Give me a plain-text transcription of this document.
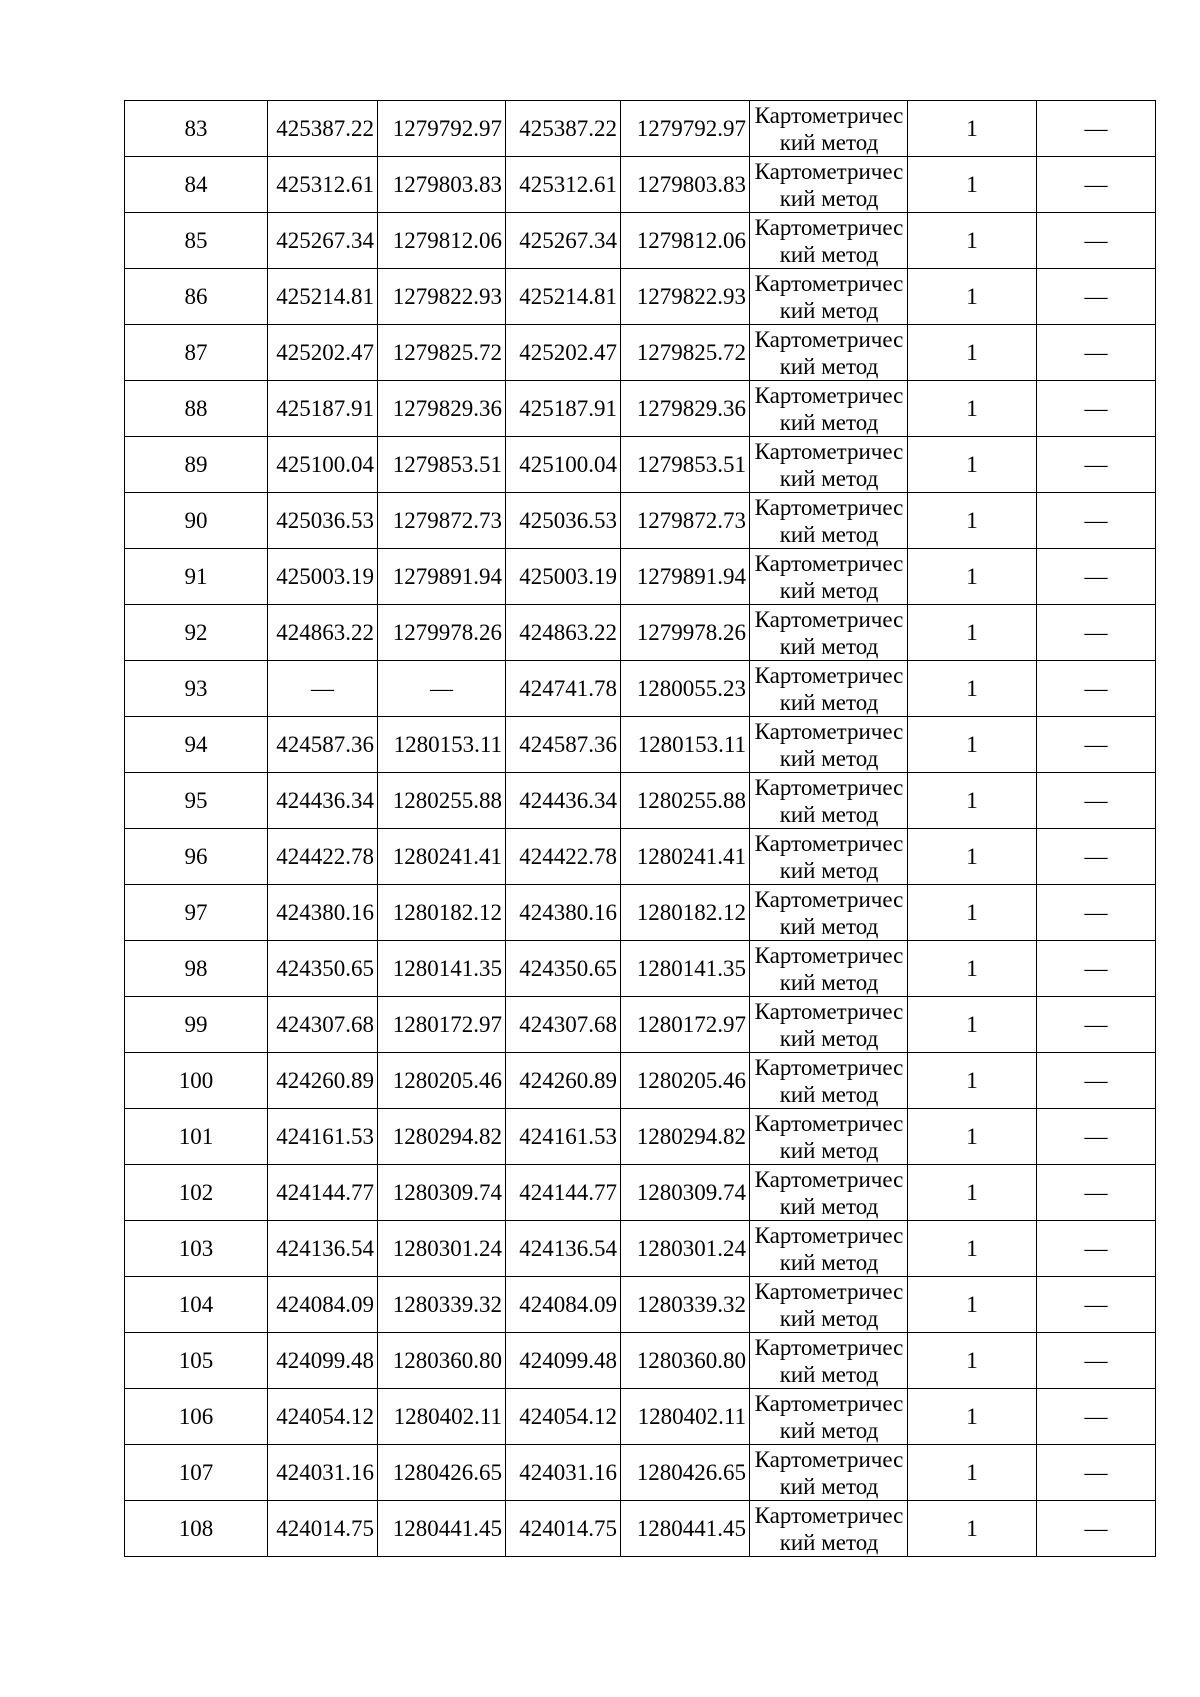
83	425387.22	1279792.97	425387.22	1279792.97	Картометрический метод	1	—
84	425312.61	1279803.83	425312.61	1279803.83	Картометрический метод	1	—
85	425267.34	1279812.06	425267.34	1279812.06	Картометрический метод	1	—
86	425214.81	1279822.93	425214.81	1279822.93	Картометрический метод	1	—
87	425202.47	1279825.72	425202.47	1279825.72	Картометрический метод	1	—
88	425187.91	1279829.36	425187.91	1279829.36	Картометрический метод	1	—
89	425100.04	1279853.51	425100.04	1279853.51	Картометрический метод	1	—
90	425036.53	1279872.73	425036.53	1279872.73	Картометрический метод	1	—
91	425003.19	1279891.94	425003.19	1279891.94	Картометрический метод	1	—
92	424863.22	1279978.26	424863.22	1279978.26	Картометрический метод	1	—
93	—	—	424741.78	1280055.23	Картометрический метод	1	—
94	424587.36	1280153.11	424587.36	1280153.11	Картометрический метод	1	—
95	424436.34	1280255.88	424436.34	1280255.88	Картометрический метод	1	—
96	424422.78	1280241.41	424422.78	1280241.41	Картометрический метод	1	—
97	424380.16	1280182.12	424380.16	1280182.12	Картометрический метод	1	—
98	424350.65	1280141.35	424350.65	1280141.35	Картометрический метод	1	—
99	424307.68	1280172.97	424307.68	1280172.97	Картометрический метод	1	—
100	424260.89	1280205.46	424260.89	1280205.46	Картометрический метод	1	—
101	424161.53	1280294.82	424161.53	1280294.82	Картометрический метод	1	—
102	424144.77	1280309.74	424144.77	1280309.74	Картометрический метод	1	—
103	424136.54	1280301.24	424136.54	1280301.24	Картометрический метод	1	—
104	424084.09	1280339.32	424084.09	1280339.32	Картометрический метод	1	—
105	424099.48	1280360.80	424099.48	1280360.80	Картометрический метод	1	—
106	424054.12	1280402.11	424054.12	1280402.11	Картометрический метод	1	—
107	424031.16	1280426.65	424031.16	1280426.65	Картометрический метод	1	—
108	424014.75	1280441.45	424014.75	1280441.45	Картометрический метод	1	—
